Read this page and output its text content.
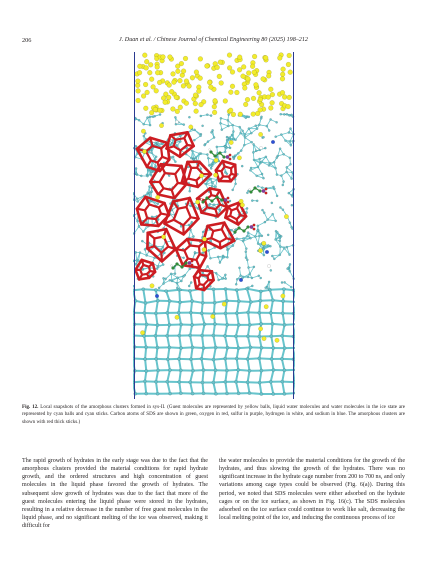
206	J. Duan et al. / Chinese Journal of Chemical Engineering 80 (2025) 198–212
Fig. 12. Local snapshots of the amorphous clusters formed in sys-II. (Guest molecules are represented by yellow balls, liquid water molecules and water molecules in the ice state are represented by cyan balls and cyan sticks. Carbon atoms of SDS are shown in green, oxygen in red, sulfur in purple, hydrogen in white, and sodium in blue. The amorphous clusters are shown with red thick sticks.)

The rapid growth of hydrates in the early stage was due to the fact that the amorphous clusters provided the material conditions for rapid hydrate growth, and the ordered structures and high concentration of guest molecules in the liquid phase favored the growth of hydrates. The subsequent slow growth of hydrates was due to the fact that more of the guest molecules entering the liquid phase were stored in the hydrates, resulting in a relative decrease in the number of free guest molecules in the liquid phase, and no significant melting of the ice was observed, making it difficult for

the water molecules to provide the material conditions for the growth of the hydrates, and thus slowing the growth of the hydrates. There was no significant increase in the hydrate cage number from 200 to 700 ns, and only variations among cage types could be observed (Fig. 6(a)). During this period, we noted that SDS molecules were either adsorbed on the hydrate cages or on the ice surface, as shown in Fig. 16(c). The SDS molecules adsorbed on the ice surface could continue to work like salt, decreasing the local melting point of the ice, and inducing the continuous process of ice
